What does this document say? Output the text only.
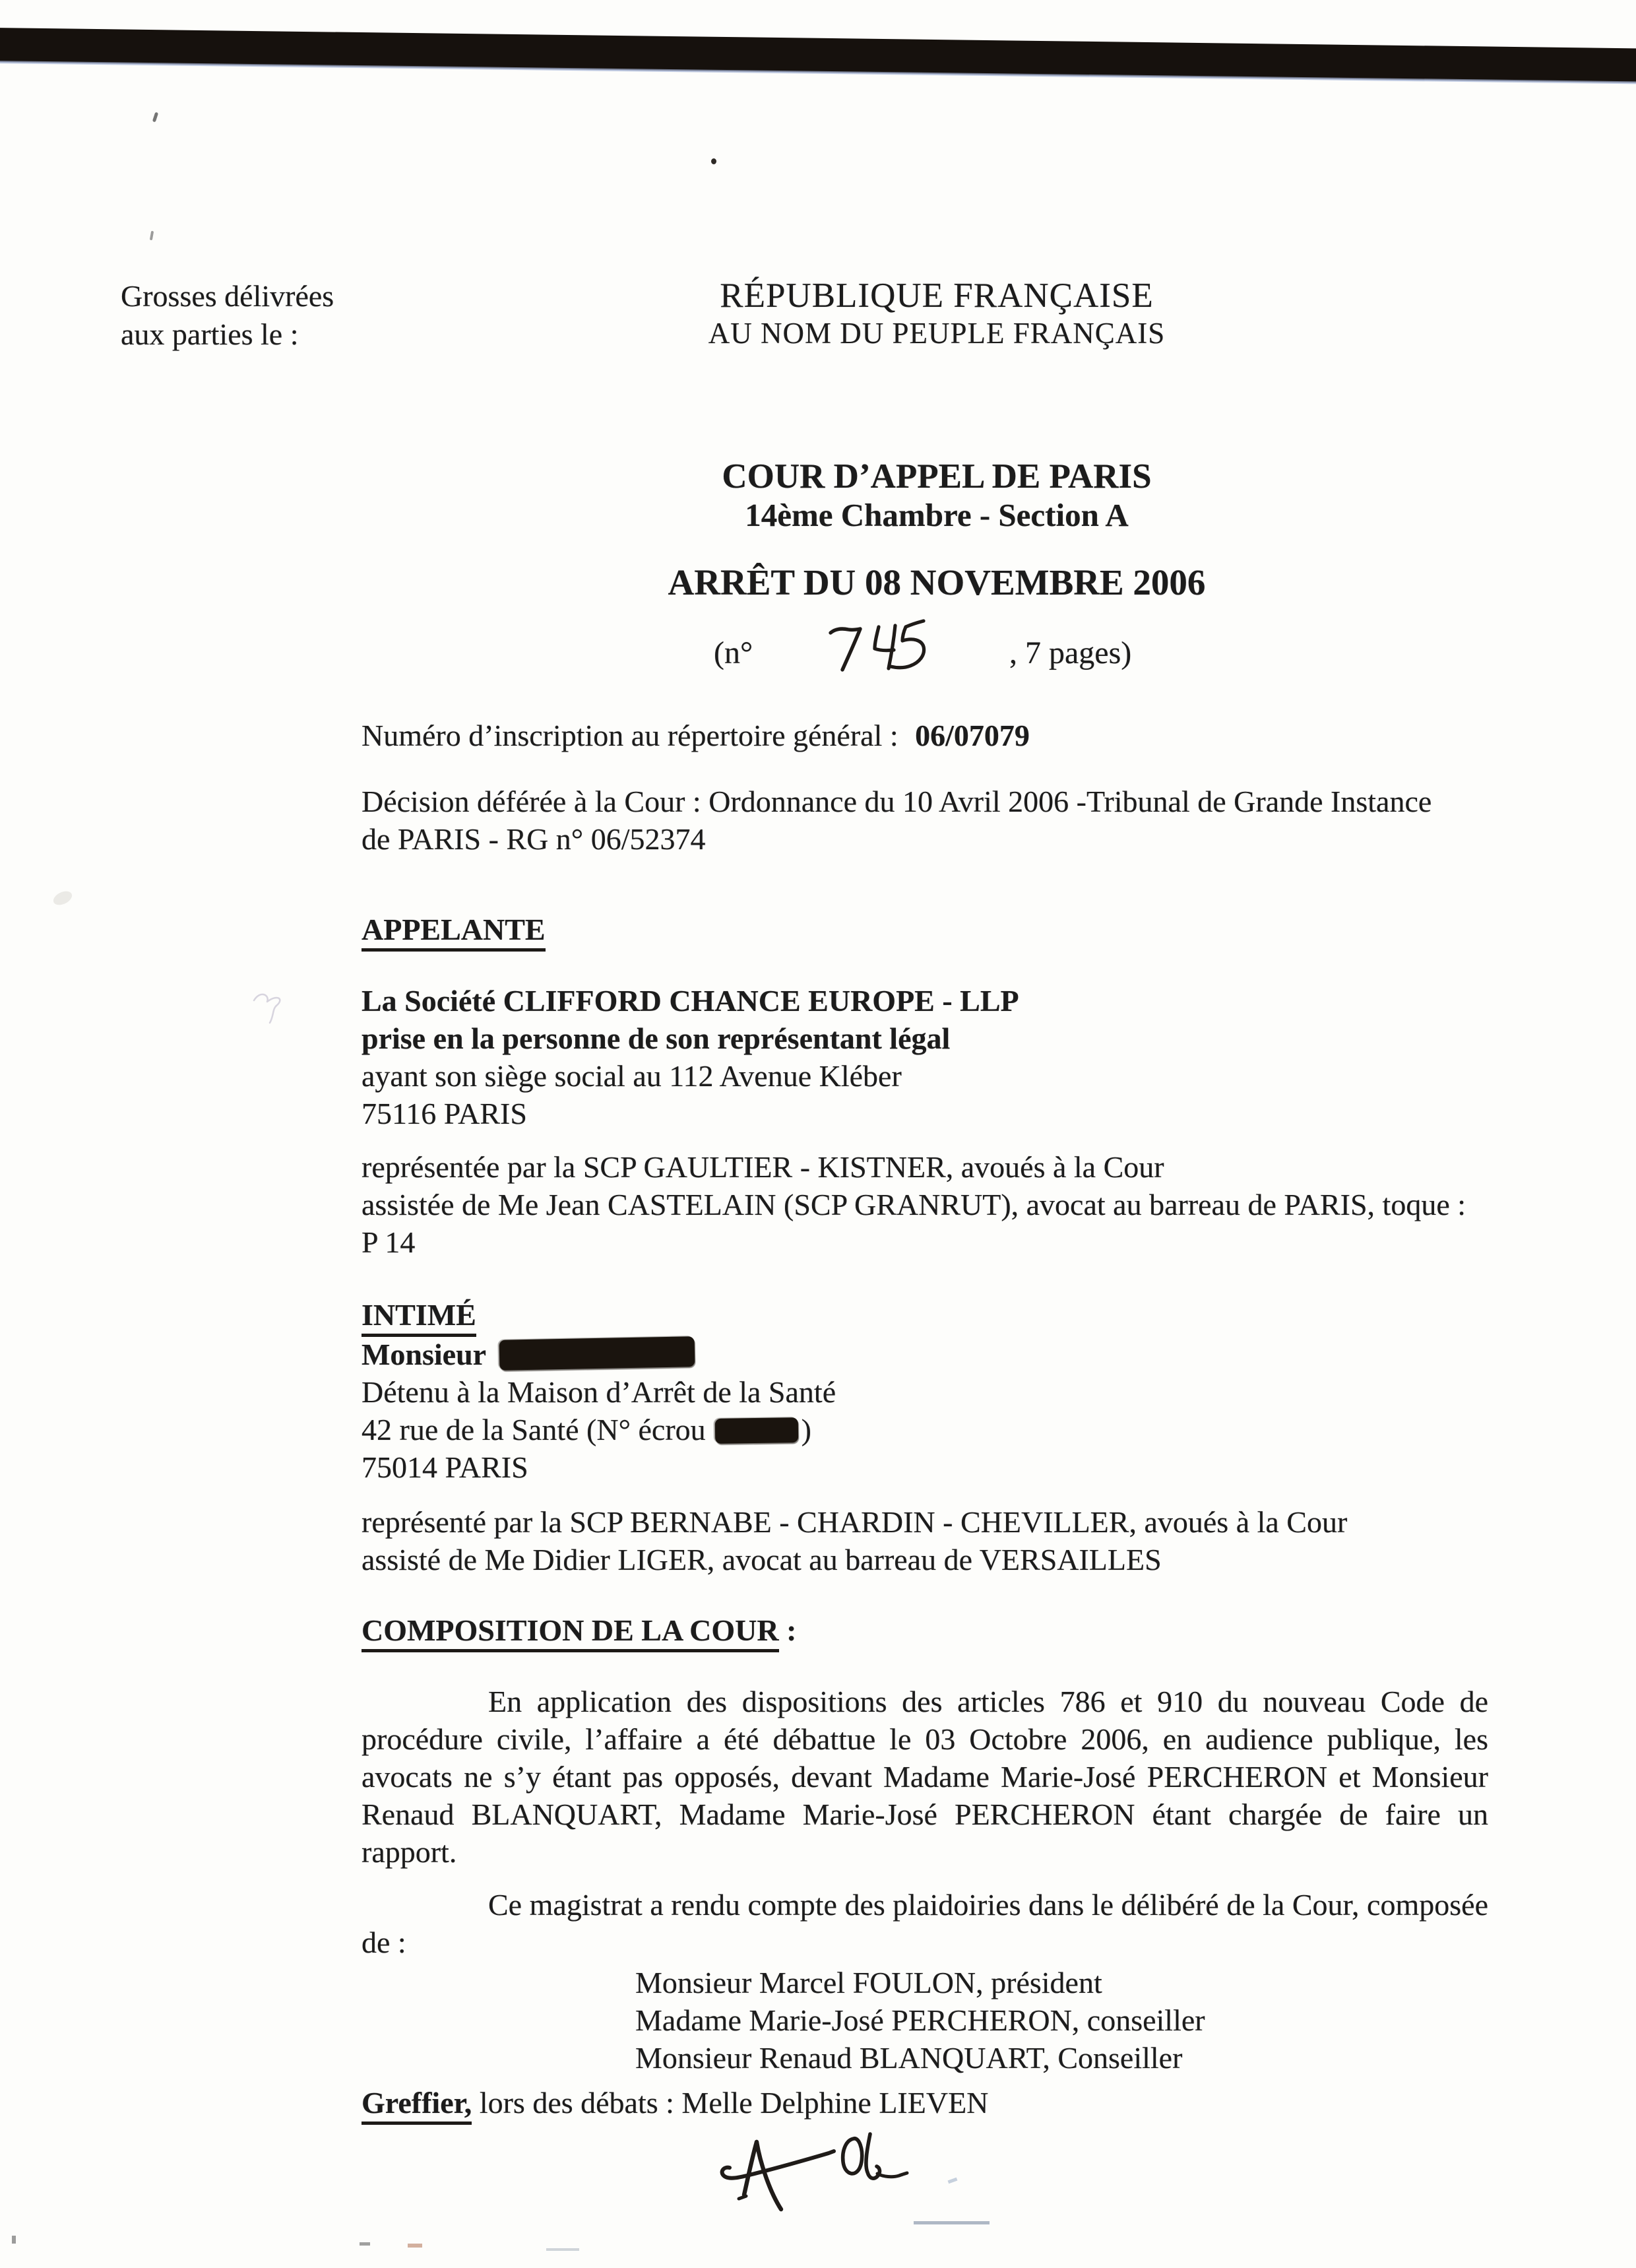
Grosses délivrées
aux parties le :
RÉPUBLIQUE FRANÇAISE
AU NOM DU PEUPLE FRANÇAIS
COUR D’APPEL DE PARIS
14ème Chambre - Section A
ARRÊT DU 08 NOVEMBRE 2006
(n°	, 7 pages)
Numéro d’inscription au répertoire général : 06/07079
Décision déférée à la Cour : Ordonnance du 10 Avril 2006 -Tribunal de Grande Instance
de PARIS - RG n° 06/52374
APPELANTE
La Société CLIFFORD CHANCE EUROPE - LLP
prise en la personne de son représentant légal
ayant son siège social au 112 Avenue Kléber
75116 PARIS
représentée par la SCP GAULTIER - KISTNER, avoués à la Cour
assistée de Me Jean CASTELAIN (SCP GRANRUT), avocat au barreau de PARIS, toque :
P 14
INTIMÉ
Monsieur
Détenu à la Maison d’Arrêt de la Santé
42 rue de la Santé (N° écrou	)
75014 PARIS
représenté par la SCP BERNABE - CHARDIN - CHEVILLER, avoués à la Cour
assisté de Me Didier LIGER, avocat au barreau de VERSAILLES
COMPOSITION DE LA COUR :
En application des dispositions des articles 786 et 910 du nouveau Code de procédure civile, l’affaire a été débattue le 03 Octobre 2006, en audience publique, les avocats ne s’y étant pas opposés, devant Madame Marie-José PERCHERON et Monsieur Renaud BLANQUART, Madame Marie-José PERCHERON étant chargée de faire un rapport.
Ce magistrat a rendu compte des plaidoiries dans le délibéré de la Cour, composée
de :
Monsieur Marcel FOULON, président
Madame Marie-José PERCHERON, conseiller
Monsieur Renaud BLANQUART, Conseiller
Greffier, lors des débats : Melle Delphine LIEVEN
